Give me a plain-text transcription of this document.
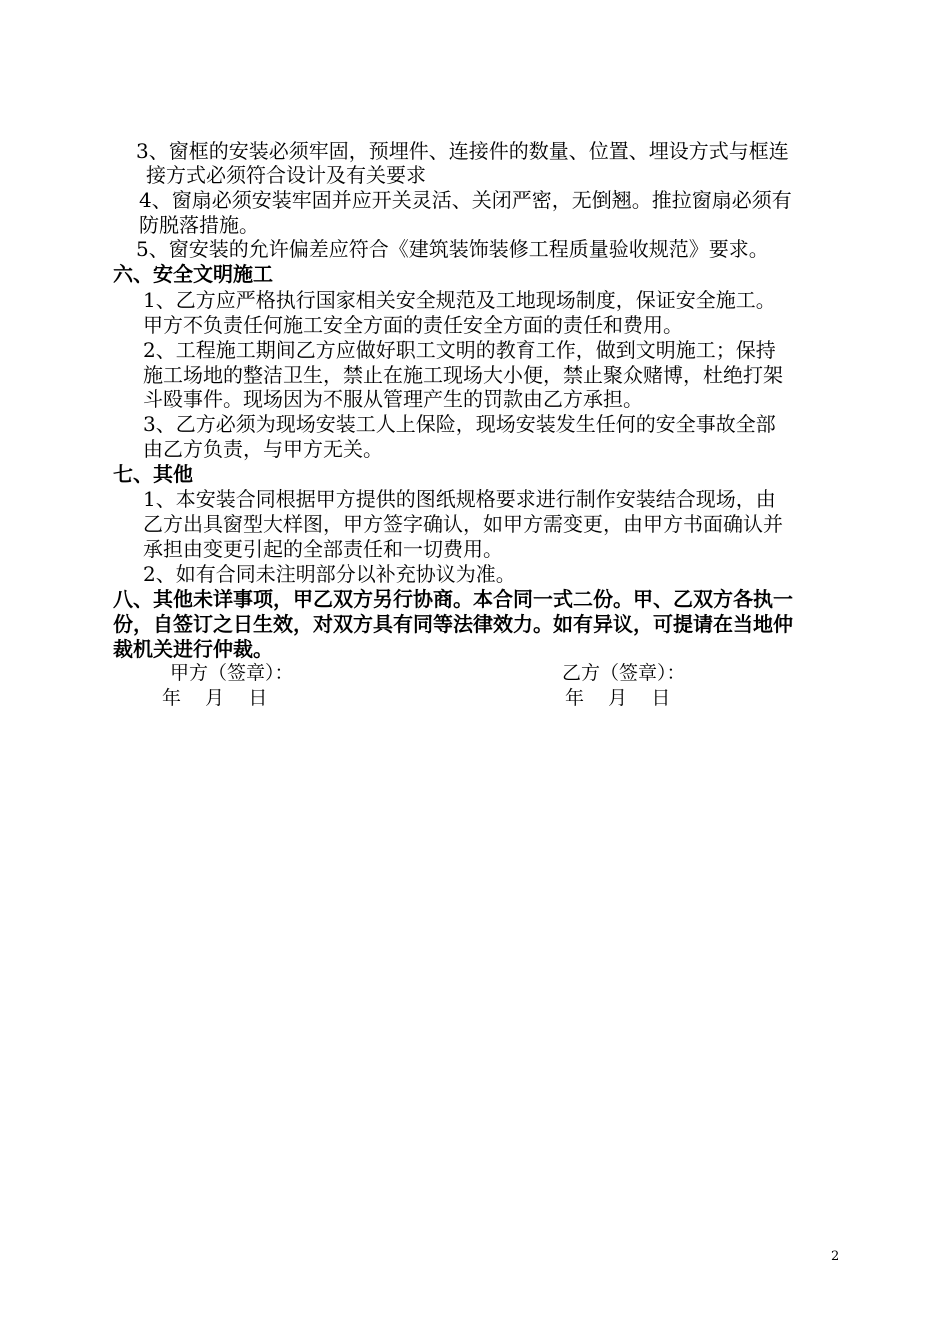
3、窗框的安装必须牢固，预埋件、连接件的数量、位置、埋设方式与框连
接方式必须符合设计及有关要求
4、窗扇必须安装牢固并应开关灵活、关闭严密，无倒翘。推拉窗扇必须有
防脱落措施。
5、窗安装的允许偏差应符合《建筑装饰装修工程质量验收规范》要求。
六、安全文明施工
1、乙方应严格执行国家相关安全规范及工地现场制度，保证安全施工。
甲方不负责任何施工安全方面的责任安全方面的责任和费用。
2、工程施工期间乙方应做好职工文明的教育工作，做到文明施工；保持
施工场地的整洁卫生，禁止在施工现场大小便，禁止聚众赌博，杜绝打架
斗殴事件。现场因为不服从管理产生的罚款由乙方承担。
3、乙方必须为现场安装工人上保险，现场安装发生任何的安全事故全部
由乙方负责，与甲方无关。
七、其他
1、本安装合同根据甲方提供的图纸规格要求进行制作安装结合现场，由
乙方出具窗型大样图，甲方签字确认，如甲方需变更，由甲方书面确认并
承担由变更引起的全部责任和一切费用。
2、如有合同未注明部分以补充协议为准。
八、其他未详事项，甲乙双方另行协商。本合同一式二份。甲、乙双方各执一
份，自签订之日生效，对双方具有同等法律效力。如有异议，可提请在当地仲
裁机关进行仲裁。
甲方（签章）：	乙方（签章）：
年    月    日	年    月    日
2
